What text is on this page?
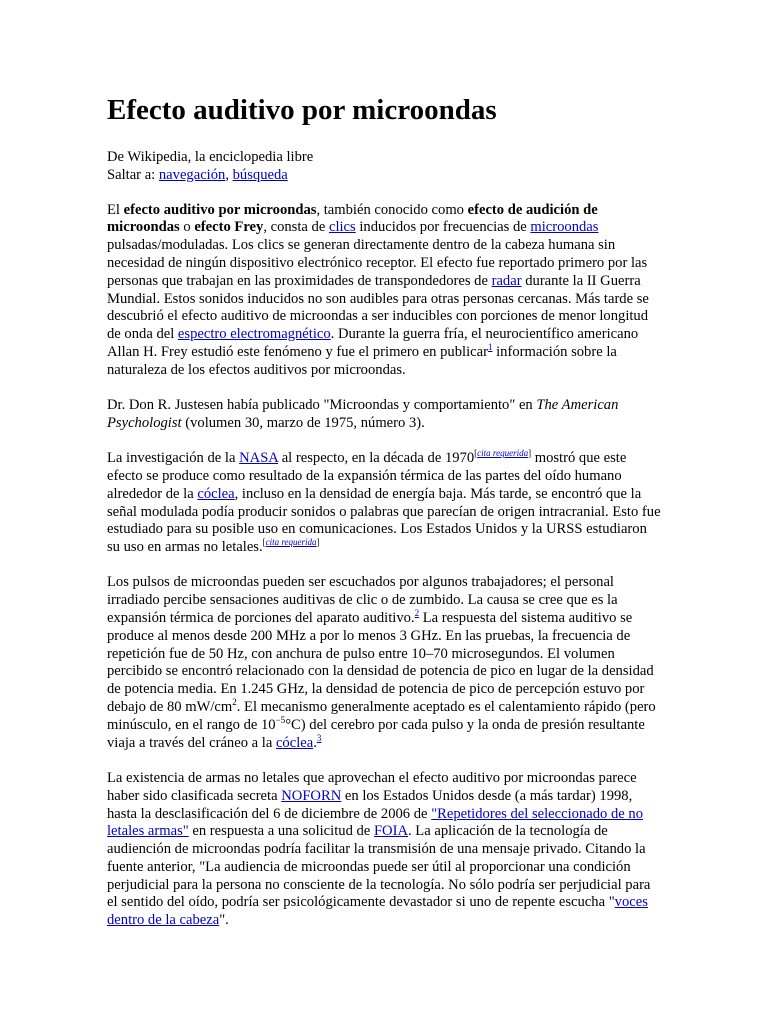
Efecto auditivo por microondas
De Wikipedia, la enciclopedia libre
Saltar a: navegación, búsqueda

El efecto auditivo por microondas, también conocido como efecto de audición de microondas o efecto Frey, consta de clics inducidos por frecuencias de microondas pulsadas/moduladas. Los clics se generan directamente dentro de la cabeza humana sin necesidad de ningún dispositivo electrónico receptor. El efecto fue reportado primero por las personas que trabajan en las proximidades de transpondedores de radar durante la II Guerra Mundial. Estos sonidos inducidos no son audibles para otras personas cercanas. Más tarde se descubrió el efecto auditivo de microondas a ser inducibles con porciones de menor longitud de onda del espectro electromagnético. Durante la guerra fría, el neurocientífico americano Allan H. Frey estudió este fenómeno y fue el primero en publicar$^1$ información sobre la naturaleza de los efectos auditivos por microondas.

Dr. Don R. Justesen había publicado "Microondas y comportamiento" en The American Psychologist (volumen 30, marzo de 1975, número 3).

La investigación de la NASA al respecto, en la década de 1970[cita requerida] mostró que este efecto se produce como resultado de la expansión térmica de las partes del oído humano alrededor de la cóclea, incluso en la densidad de energía baja. Más tarde, se encontró que la señal modulada podía producir sonidos o palabras que parecían de origen intracranial. Esto fue estudiado para su posible uso en comunicaciones. Los Estados Unidos y la URSS estudiaron su uso en armas no letales.[cita requerida]

Los pulsos de microondas pueden ser escuchados por algunos trabajadores; el personal irradiado percibe sensaciones auditivas de clic o de zumbido. La causa se cree que es la expansión térmica de porciones del aparato auditivo.$^2$ La respuesta del sistema auditivo se produce al menos desde 200 MHz a por lo menos 3 GHz. En las pruebas, la frecuencia de repetición fue de 50 Hz, con anchura de pulso entre 10–70 microsegundos. El volumen percibido se encontró relacionado con la densidad de potencia de pico en lugar de la densidad de potencia media. En 1.245 GHz, la densidad de potencia de pico de percepción estuvo por debajo de 80 $mW/cm^2$. El mecanismo generalmente aceptado es el calentamiento rápido (pero minúsculo, en el rango de $10^{-5}^\circ C$) del cerebro por cada pulso y la onda de presión resultante viaja a través del cráneo a la cóclea.$^3$

La existencia de armas no letales que aprovechan el efecto auditivo por microondas parece haber sido clasificada secreta NOFORN en los Estados Unidos desde (a más tardar) 1998, hasta la desclasificación del 6 de diciembre de 2006 de "Repetidores del seleccionado de no letales armas" en respuesta a una solicitud de FOIA. La aplicación de la tecnología de audiención de microondas podría facilitar la transmisión de una mensaje privado. Citando la fuente anterior, "La audiencia de microondas puede ser útil al proporcionar una condición perjudicial para la persona no consciente de la tecnología. No sólo podría ser perjudicial para el sentido del oído, podría ser psicológicamente devastador si uno de repente escucha "voces dentro de la cabeza".
